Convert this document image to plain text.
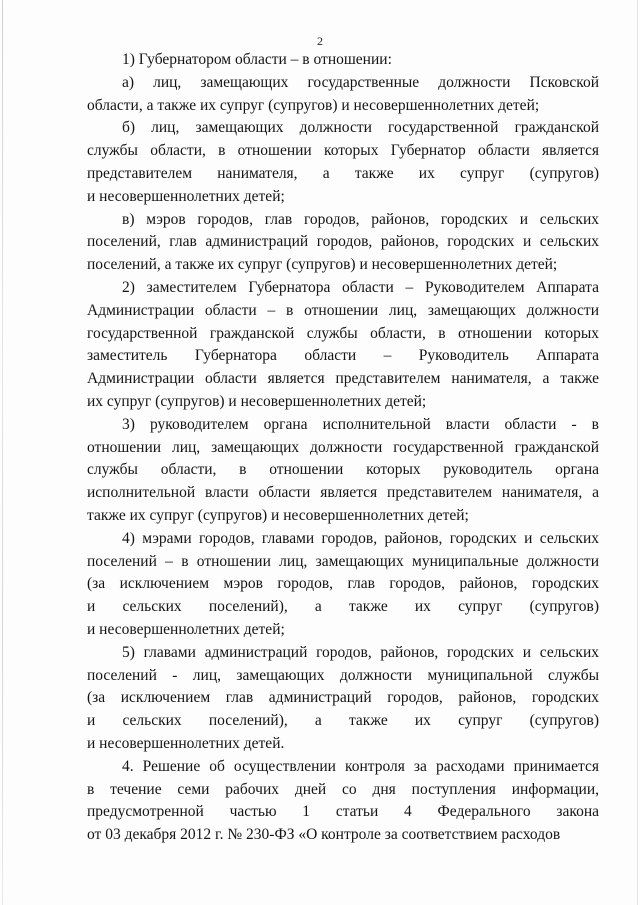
2
1) Губернатором области – в отношении:
а) лиц, замещающих государственные должности Псковской
области, а также их супруг (супругов) и несовершеннолетних детей;
б) лиц, замещающих должности государственной гражданской
службы области, в отношении которых Губернатор области является
представителем нанимателя, а также их супруг (супругов)
и несовершеннолетних детей;
в) мэров городов, глав городов, районов, городских и сельских
поселений, глав администраций городов, районов, городских и сельских
поселений, а также их супруг (супругов) и несовершеннолетних детей;
2) заместителем Губернатора области – Руководителем Аппарата
Администрации области – в отношении лиц, замещающих должности
государственной гражданской службы области, в отношении которых
заместитель Губернатора области – Руководитель Аппарата
Администрации области является представителем нанимателя, а также
их супруг (супругов) и несовершеннолетних детей;
3) руководителем органа исполнительной власти области - в
отношении лиц, замещающих должности государственной гражданской
службы области, в отношении которых руководитель органа
исполнительной власти области является представителем нанимателя, а
также их супруг (супругов) и несовершеннолетних детей;
4) мэрами городов, главами городов, районов, городских и сельских
поселений – в отношении лиц, замещающих муниципальные должности
(за исключением мэров городов, глав городов, районов, городских
и сельских поселений), а также их супруг (супругов)
и несовершеннолетних детей;
5) главами администраций городов, районов, городских и сельских
поселений - лиц, замещающих должности муниципальной службы
(за исключением глав администраций городов, районов, городских
и сельских поселений), а также их супруг (супругов)
и несовершеннолетних детей.
4. Решение об осуществлении контроля за расходами принимается
в течение семи рабочих дней со дня поступления информации,
предусмотренной частью 1 статьи 4 Федерального закона
от 03 декабря 2012 г. № 230-ФЗ «О контроле за соответствием расходов
